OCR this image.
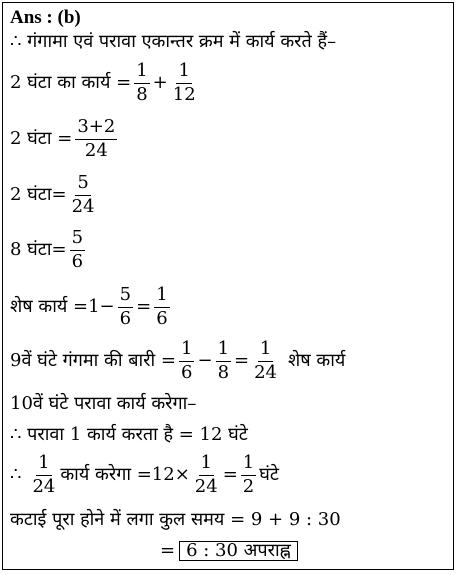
Ans : (b)
∴ गंगामा एवं परावा एकान्तर क्रम में कार्य करते हैं–
2 घंटा का कार्य = $\frac{1}{8} + \frac{1}{12}$
2 घंटा = $\frac{3+2}{24}$
2 घंटा= $\frac{5}{24}$
8 घंटा= $\frac{5}{6}$
शेष कार्य $=1- \frac{5}{6} = \frac{1}{6}$
9वें घंटे गंगमा की बारी = $\frac{1}{6} - \frac{1}{8} = \frac{1}{24}$ शेष कार्य
10वें घंटे परावा कार्य करेगा–
∴ परावा 1 कार्य करता है = 12 घंटे
∴ $\frac{1}{24}$ कार्य करेगा $=12\times \frac{1}{24} = \frac{1}{2}$ घंटे
कटाई पूरा होने में लगा कुल समय = 9 + 9 : 30
= 6 : 30 अपराह्न
